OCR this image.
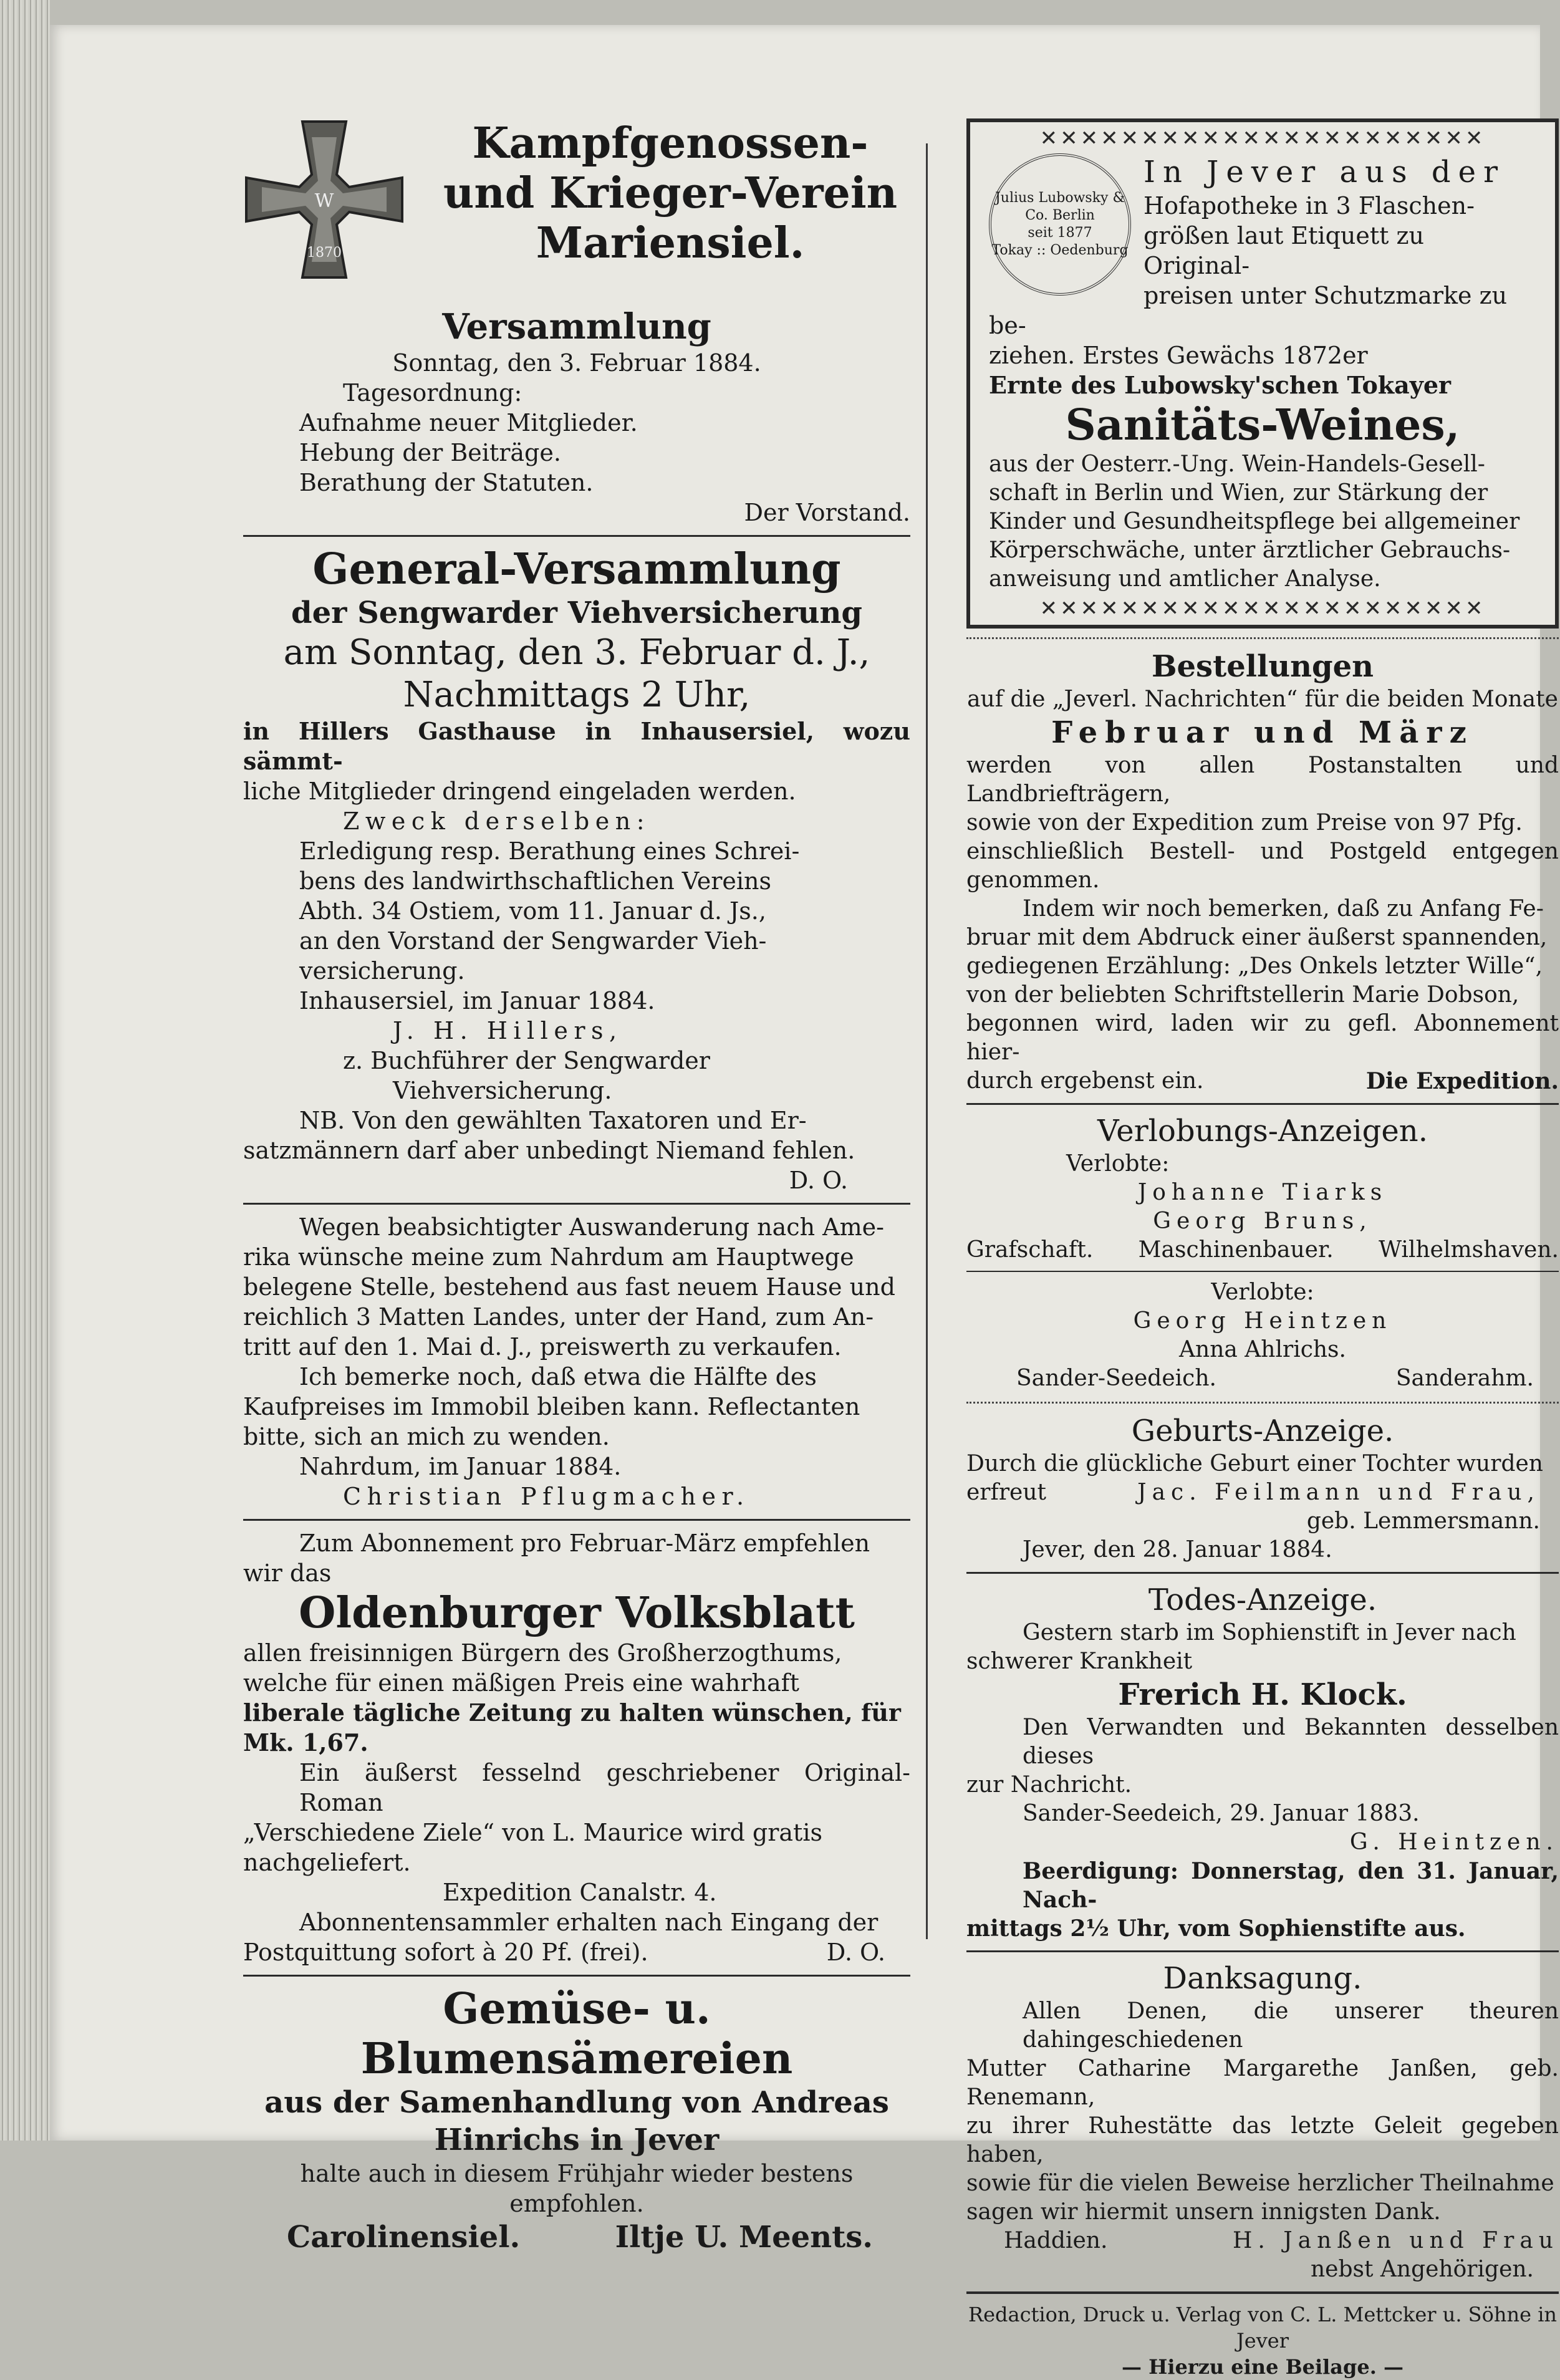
W
1870
Kampfgenossen-
und Krieger-Verein
Mariensiel.
Versammlung
Sonntag, den 3. Februar 1884.
Tagesordnung:
Aufnahme neuer Mitglieder.
Hebung der Beiträge.
Berathung der Statuten.
Der Vorstand.
General-Versammlung
der Sengwarder Viehversicherung
am Sonntag, den 3. Februar d. J.,
Nachmittags 2 Uhr,
in Hillers Gasthause in Inhausersiel, wozu sämmt-
liche Mitglieder dringend eingeladen werden.
Zweck derselben:
Erledigung resp. Berathung eines Schrei-
bens des landwirthschaftlichen Vereins
Abth. 34 Ostiem, vom 11. Januar d. Js.,
an den Vorstand der Sengwarder Vieh-
versicherung.
Inhausersiel, im Januar 1884.
J. H. Hillers,
z. Buchführer der Sengwarder
Viehversicherung.
NB. Von den gewählten Taxatoren und Er-
satzmännern darf aber unbedingt Niemand fehlen.
D. O.
Wegen beabsichtigter Auswanderung nach Ame-
rika wünsche meine zum Nahrdum am Hauptwege
belegene Stelle, bestehend aus fast neuem Hause und
reichlich 3 Matten Landes, unter der Hand, zum An-
tritt auf den 1. Mai d. J., preiswerth zu verkaufen.
Ich bemerke noch, daß etwa die Hälfte des
Kaufpreises im Immobil bleiben kann. Reflectanten
bitte, sich an mich zu wenden.
Nahrdum, im Januar 1884.
Christian Pflugmacher.
Zum Abonnement pro Februar-März empfehlen
wir das
Oldenburger Volksblatt
allen freisinnigen Bürgern des Großherzogthums,
welche für einen mäßigen Preis eine wahrhaft
liberale tägliche Zeitung zu halten wünschen, für
Mk. 1,67.
Ein äußerst fesselnd geschriebener Original-Roman
„Verschiedene Ziele“ von L. Maurice wird gratis
nachgeliefert.
Expedition Canalstr. 4.
Abonnentensammler erhalten nach Eingang der
Postquittung sofort à 20 Pf. (frei).	D. O.
Gemüse- u. Blumensämereien
aus der Samenhandlung von Andreas
Hinrichs in Jever
halte auch in diesem Frühjahr wieder bestens empfohlen.
Carolinensiel.	Iltje U. Meents.
✕✕✕✕✕✕✕✕✕✕✕✕✕✕✕✕✕✕✕✕✕✕
Julius Lubowsky & Co. Berlin
seit 1877
Tokay :: Oedenburg
In Jever aus der
Hofapotheke in 3 Flaschen-
größen laut Etiquett zu Original-
preisen unter Schutzmarke zu be-
ziehen. Erstes Gewächs 1872er
Ernte des Lubowsky'schen Tokayer
Sanitäts-Weines,
aus der Oesterr.-Ung. Wein-Handels-Gesell-
schaft in Berlin und Wien, zur Stärkung der
Kinder und Gesundheitspflege bei allgemeiner
Körperschwäche, unter ärztlicher Gebrauchs-
anweisung und amtlicher Analyse.
✕✕✕✕✕✕✕✕✕✕✕✕✕✕✕✕✕✕✕✕✕✕
Bestellungen
auf die „Jeverl. Nachrichten“ für die beiden Monate
Februar und März
werden von allen Postanstalten und Landbriefträgern,
sowie von der Expedition zum Preise von 97 Pfg.
einschließlich Bestell- und Postgeld entgegen genommen.
Indem wir noch bemerken, daß zu Anfang Fe-
bruar mit dem Abdruck einer äußerst spannenden,
gediegenen Erzählung: „Des Onkels letzter Wille“,
von der beliebten Schriftstellerin Marie Dobson,
begonnen wird, laden wir zu gefl. Abonnement hier-
durch ergebenst ein.	Die Expedition.
Verlobungs-Anzeigen.
Verlobte:
Johanne Tiarks
Georg Bruns,
Grafschaft. Maschinenbauer. Wilhelmshaven.
Verlobte:
Georg Heintzen
Anna Ahlrichs.
Sander-Seedeich.	Sanderahm.
Geburts-Anzeige.
Durch die glückliche Geburt einer Tochter wurden
erfreut	Jac. Feilmann und Frau,
geb. Lemmersmann.
Jever, den 28. Januar 1884.
Todes-Anzeige.
Gestern starb im Sophienstift in Jever nach
schwerer Krankheit
Frerich H. Klock.
Den Verwandten und Bekannten desselben dieses
zur Nachricht.
Sander-Seedeich, 29. Januar 1883.
G. Heintzen.
Beerdigung: Donnerstag, den 31. Januar, Nach-
mittags 2½ Uhr, vom Sophienstifte aus.
Danksagung.
Allen Denen, die unserer theuren dahingeschiedenen
Mutter Catharine Margarethe Janßen, geb. Renemann,
zu ihrer Ruhestätte das letzte Geleit gegeben haben,
sowie für die vielen Beweise herzlicher Theilnahme
sagen wir hiermit unsern innigsten Dank.
Haddien.	H. Janßen und Frau
nebst Angehörigen.
Redaction, Druck u. Verlag von C. L. Mettcker u. Söhne in Jever
— Hierzu eine Beilage. —
